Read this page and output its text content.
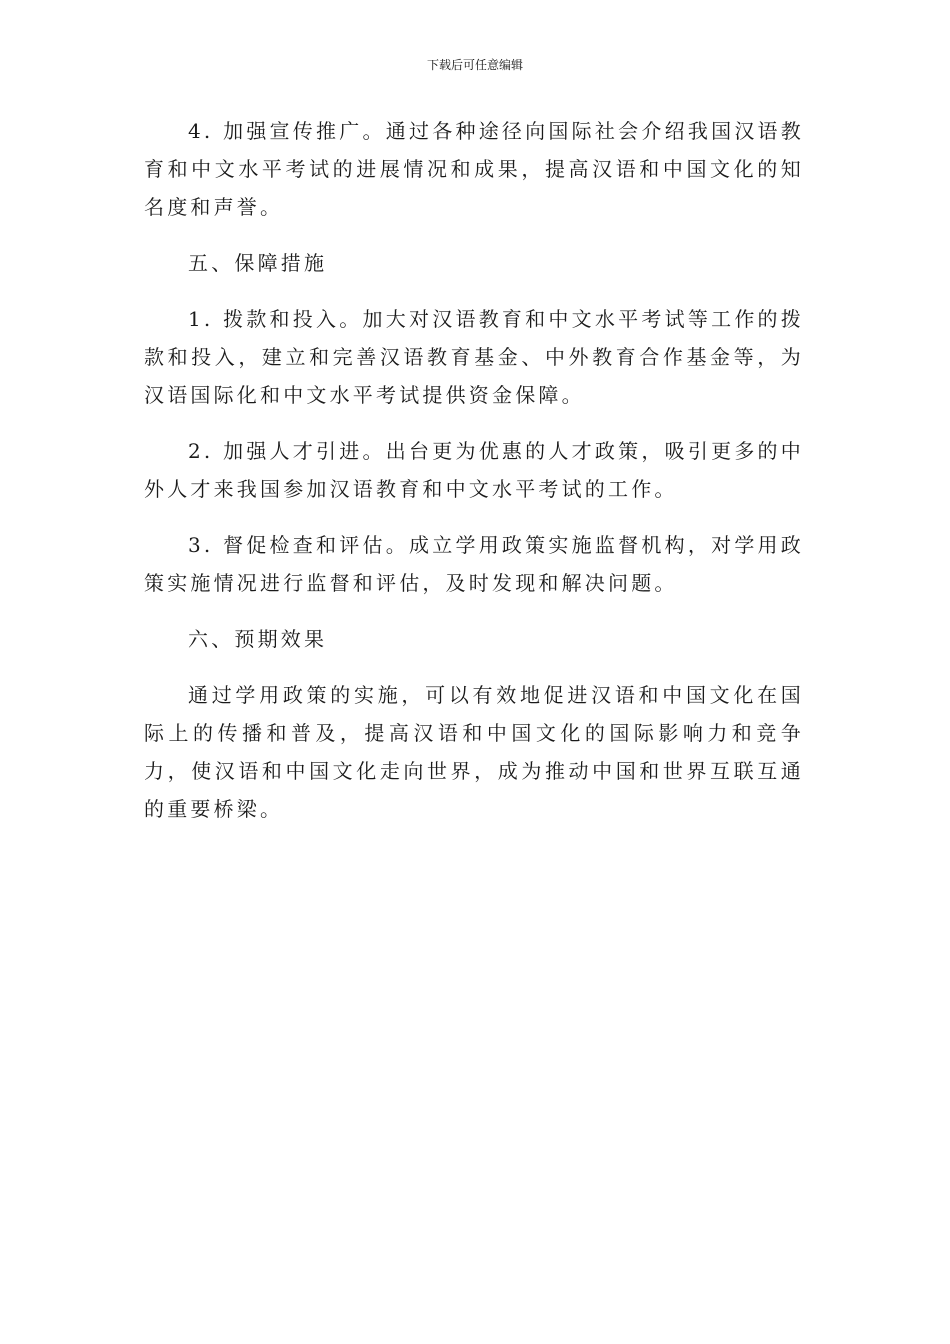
下载后可任意编辑

4. 加强宣传推广。通过各种途径向国际社会介绍我国汉语教育和中文水平考试的进展情况和成果，提高汉语和中国文化的知名度和声誉。

五、保障措施

1. 拨款和投入。加大对汉语教育和中文水平考试等工作的拨款和投入，建立和完善汉语教育基金、中外教育合作基金等，为汉语国际化和中文水平考试提供资金保障。

2. 加强人才引进。出台更为优惠的人才政策，吸引更多的中外人才来我国参加汉语教育和中文水平考试的工作。

3. 督促检查和评估。成立学用政策实施监督机构，对学用政策实施情况进行监督和评估，及时发现和解决问题。

六、预期效果

通过学用政策的实施，可以有效地促进汉语和中国文化在国际上的传播和普及，提高汉语和中国文化的国际影响力和竞争力，使汉语和中国文化走向世界，成为推动中国和世界互联互通的重要桥梁。
